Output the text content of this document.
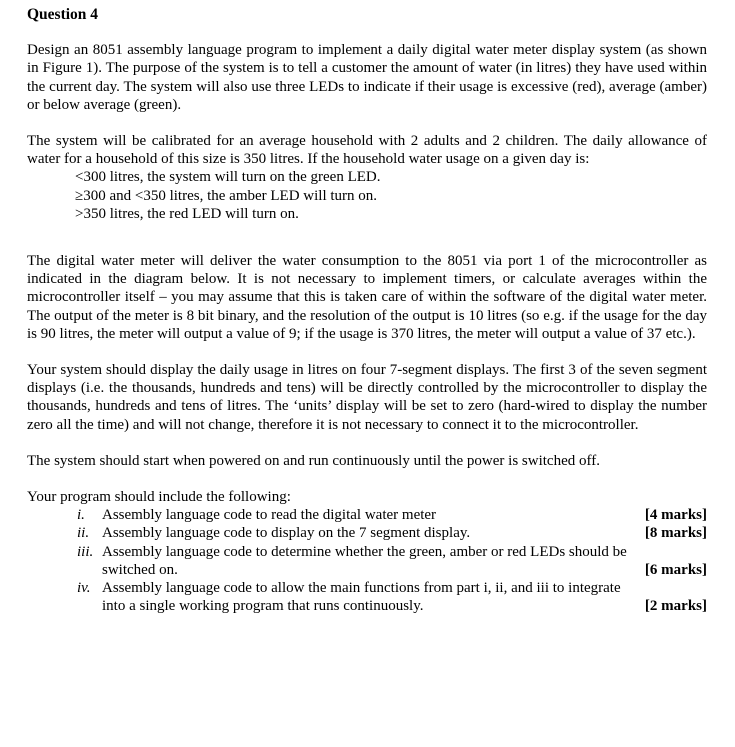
Question 4

Design an 8051 assembly language program to implement a daily digital water meter display system (as shown in Figure 1). The purpose of the system is to tell a customer the amount of water (in litres) they have used within the current day. The system will also use three LEDs to indicate if their usage is excessive (red), average (amber) or below average (green).

The system will be calibrated for an average household with 2 adults and 2 children. The daily allowance of water for a household of this size is 350 litres. If the household water usage on a given day is:

<300 litres, the system will turn on the green LED.
≥300 and <350 litres, the amber LED will turn on.
>350 litres, the red LED will turn on.

The digital water meter will deliver the water consumption to the 8051 via port 1 of the microcontroller as indicated in the diagram below. It is not necessary to implement timers, or calculate averages within the microcontroller itself – you may assume that this is taken care of within the software of the digital water meter. The output of the meter is 8 bit binary, and the resolution of the output is 10 litres (so e.g. if the usage for the day is 90 litres, the meter will output a value of 9; if the usage is 370 litres, the meter will output a value of 37 etc.).

Your system should display the daily usage in litres on four 7-segment displays. The first 3 of the seven segment displays (i.e. the thousands, hundreds and tens) will be directly controlled by the microcontroller to display the thousands, hundreds and tens of litres. The ‘units’ display will be set to zero (hard-wired to display the number zero all the time) and will not change, therefore it is not necessary to connect it to the microcontroller.

The system should start when powered on and run continuously until the power is switched off.

Your program should include the following:

i.	Assembly language code to read the digital water meter	[4 marks]
ii. Assembly language code to display on the 7 segment display.	[8 marks]
iii. Assembly language code to determine whether the green, amber or red LEDs should be
switched on.	[6 marks]
iv. Assembly language code to allow the main functions from part i, ii, and iii to integrate
into a single working program that runs continuously.	[2 marks]
